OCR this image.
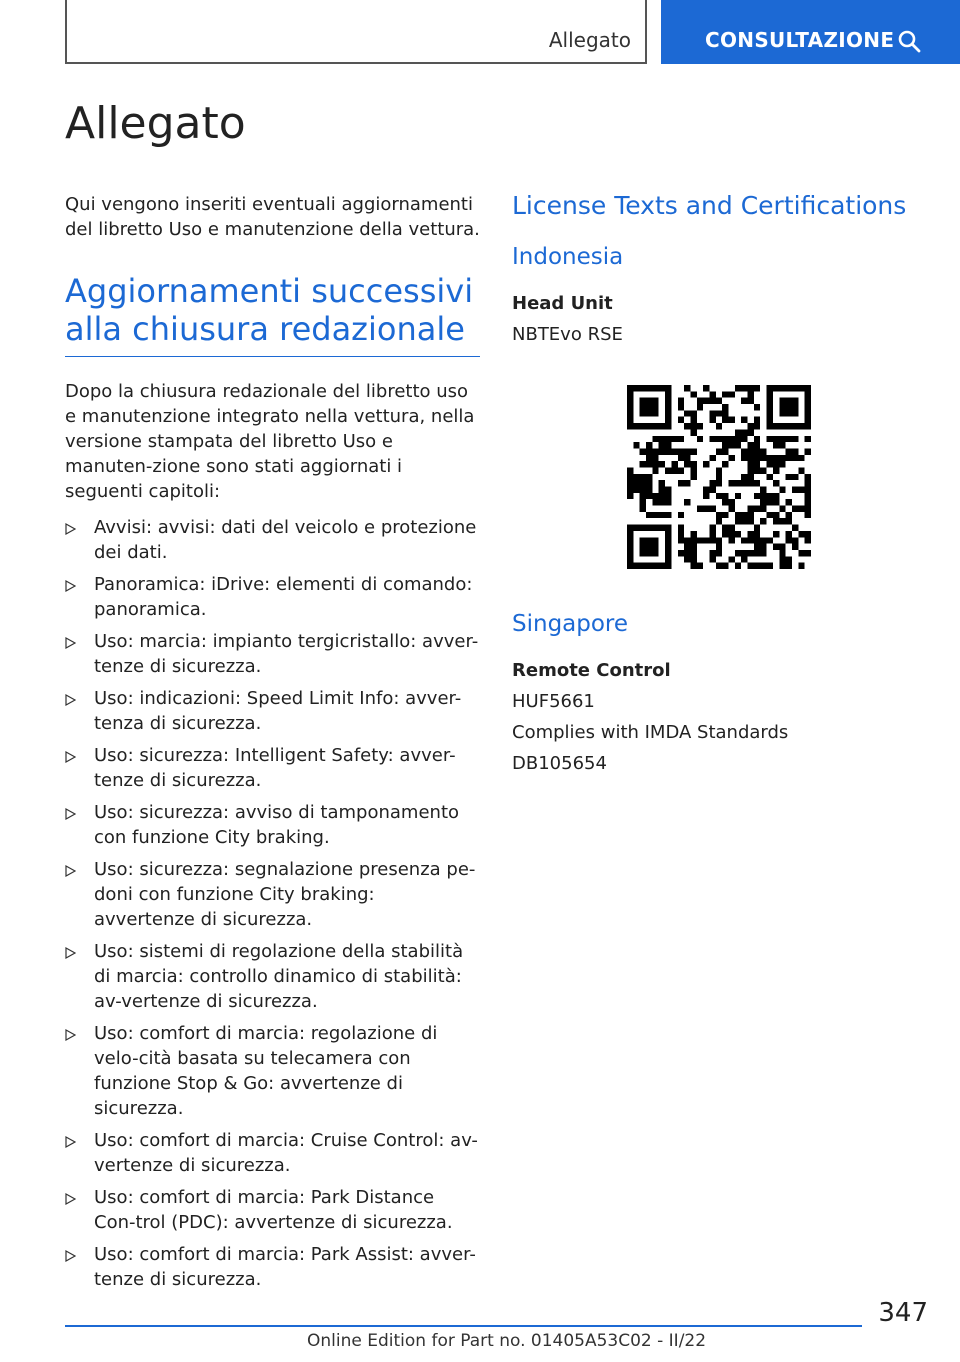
Allegato	CONSULTAZIONE
Allegato

Qui vengono inseriti eventuali aggiornamenti del libretto Uso e manutenzione della vettura.

Aggiornamenti successivi alla chiusura redazionale

Dopo la chiusura redazionale del libretto uso e manutenzione integrato nella vettura, nella versione stampata del libretto Uso e manuten-zione sono stati aggiornati i seguenti capitoli:

Avvisi: avvisi: dati del veicolo e protezione dei dati.
Panoramica: iDrive: elementi di comando: panoramica.
Uso: marcia: impianto tergicristallo: avver-tenze di sicurezza.
Uso: indicazioni: Speed Limit Info: avver-tenza di sicurezza.
Uso: sicurezza: Intelligent Safety: avver-tenze di sicurezza.
Uso: sicurezza: avviso di tamponamento con funzione City braking.
Uso: sicurezza: segnalazione presenza pe-doni con funzione City braking: avvertenze di sicurezza.
Uso: sistemi di regolazione della stabilità di marcia: controllo dinamico di stabilità: av-vertenze di sicurezza.
Uso: comfort di marcia: regolazione di velo-cità basata su telecamera con funzione Stop & Go: avvertenze di sicurezza.
Uso: comfort di marcia: Cruise Control: av-vertenze di sicurezza.
Uso: comfort di marcia: Park Distance Con-trol (PDC): avvertenze di sicurezza.
Uso: comfort di marcia: Park Assist: avver-tenze di sicurezza.
License Texts and Certifications
Indonesia
Head Unit
NBTEvo RSE
Singapore
Remote Control
HUF5661
Complies with IMDA Standards
DB105654
347
Online Edition for Part no. 01405A53C02 - II/22
